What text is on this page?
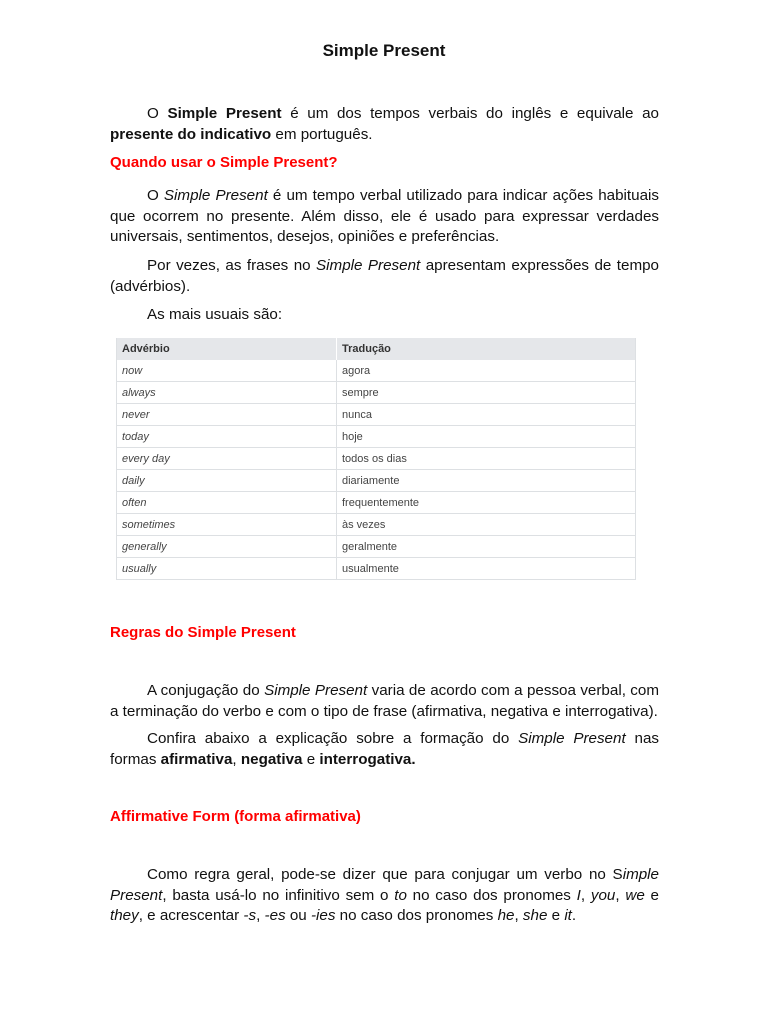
Simple Present

O Simple Present é um dos tempos verbais do inglês e equivale ao presente do indicativo em português.

Quando usar o Simple Present?

O Simple Present é um tempo verbal utilizado para indicar ações habituais que ocorrem no presente. Além disso, ele é usado para expressar verdades universais, sentimentos, desejos, opiniões e preferências.

Por vezes, as frases no Simple Present apresentam expressões de tempo (advérbios).

As mais usuais são:

Advérbio	Tradução
now	agora
always	sempre
never	nunca
today	hoje
every day	todos os dias
daily	diariamente
often	frequentemente
sometimes	às vezes
generally	geralmente
usually	usualmente
Regras do Simple Present

A conjugação do Simple Present varia de acordo com a pessoa verbal, com a terminação do verbo e com o tipo de frase (afirmativa, negativa e interrogativa).

Confira abaixo a explicação sobre a formação do Simple Present nas formas afirmativa, negativa e interrogativa.

Affirmative Form (forma afirmativa)

Como regra geral, pode-se dizer que para conjugar um verbo no Simple Present, basta usá-lo no infinitivo sem o to no caso dos pronomes I, you, we e they, e acrescentar -s, -es ou -ies no caso dos pronomes he, she e it.
